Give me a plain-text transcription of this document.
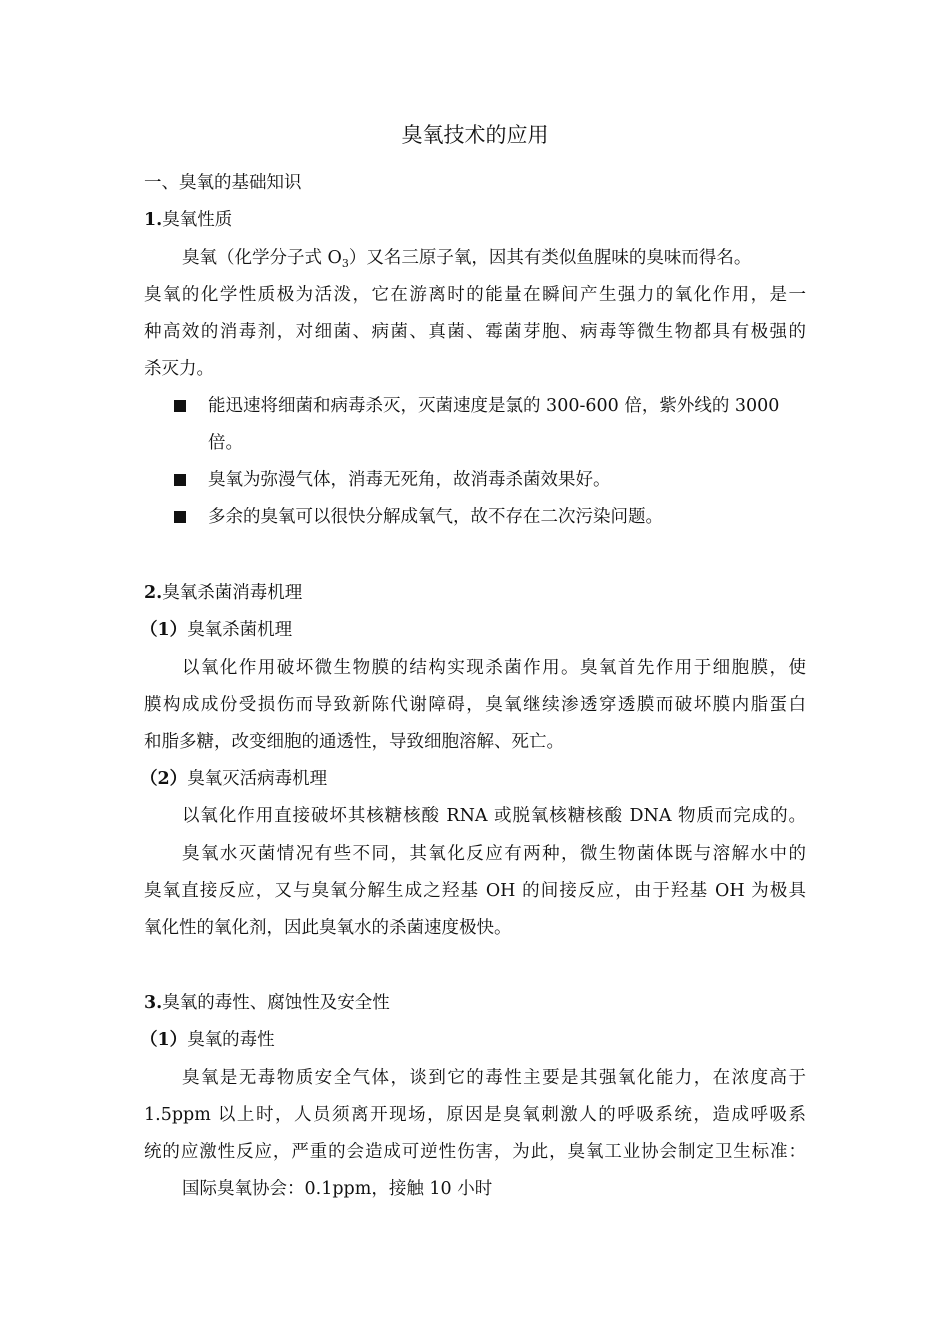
臭氧技术的应用
一、臭氧的基础知识
1.臭氧性质
臭氧（化学分子式 $O_3$）又名三原子氧，因其有类似鱼腥味的臭味而得名。
臭氧的化学性质极为活泼，它在游离时的能量在瞬间产生强力的氧化作用，是一
种高效的消毒剂，对细菌、病菌、真菌、霉菌芽胞、病毒等微生物都具有极强的
杀灭力。
能迅速将细菌和病毒杀灭，灭菌速度是氯的 300-600 倍，紫外线的 3000
倍。
臭氧为弥漫气体，消毒无死角，故消毒杀菌效果好。
多余的臭氧可以很快分解成氧气，故不存在二次污染问题。
2.臭氧杀菌消毒机理
（1）臭氧杀菌机理
以氧化作用破坏微生物膜的结构实现杀菌作用。臭氧首先作用于细胞膜，使
膜构成成份受损伤而导致新陈代谢障碍，臭氧继续渗透穿透膜而破坏膜内脂蛋白
和脂多糖，改变细胞的通透性，导致细胞溶解、死亡。
（2）臭氧灭活病毒机理
以氧化作用直接破坏其核糖核酸 RNA 或脱氧核糖核酸 DNA 物质而完成的。
臭氧水灭菌情况有些不同，其氧化反应有两种，微生物菌体既与溶解水中的
臭氧直接反应，又与臭氧分解生成之羟基 OH 的间接反应，由于羟基 OH 为极具
氧化性的氧化剂，因此臭氧水的杀菌速度极快。
3.臭氧的毒性、腐蚀性及安全性
（1）臭氧的毒性
臭氧是无毒物质安全气体，谈到它的毒性主要是其强氧化能力，在浓度高于
1.5ppm 以上时，人员须离开现场，原因是臭氧刺激人的呼吸系统，造成呼吸系
统的应激性反应，严重的会造成可逆性伤害，为此，臭氧工业协会制定卫生标准：
国际臭氧协会：0.1ppm，接触 10 小时
